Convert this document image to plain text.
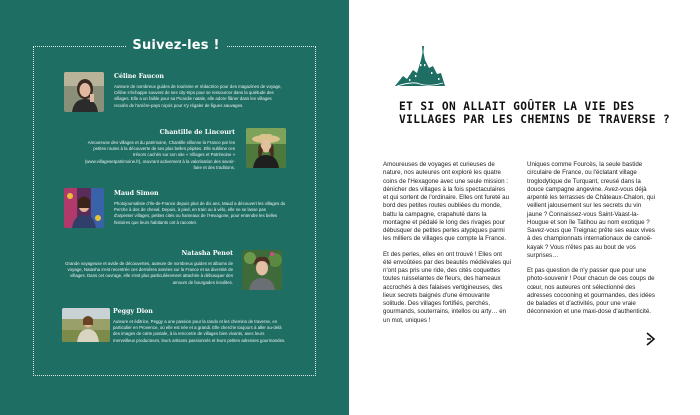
Suivez-les !
Céline Faucon
Auteure de nombreux guides de tourisme et rédactrice pour des magazines de voyage, Céline s'échappe souvent de ses city-trips pour se ressourcer dans la quiétude des villages. Elle a un faible pour sa Picardie natale, elle adore flâner dans les villages reculés de l'arrière-pays niçois pour s'y régaler de figues sauvages.
Chantille de Lincourt
Amoureuse des villages et du patrimoine, Chantille sillonne la France par les petites routes à la découverte de ses plus belles pépites. Elle sublime ces trésors cachés sur son site « Villages et Patrimoine » (www.villagesetpatrimoine.fr), œuvrant activement à la valorisation des savoir-faire et des traditions.
Maud Simon
Photojournaliste d'Ile-de-France depuis plus de dix ans, Maud a découvert les villages du Perche à dos de cheval. Depuis, à pied, en train ou à vélo, elle ne se lasse pas d'arpenter villages, petites cités ou hameaux de l'Hexagone, pour entendre les belles histoires que leurs habitants ont à raconter.
Natasha Penot
Grande voyageuse et avide de découvertes, auteure de nombreux guides et albums de voyage, Natasha s'est recentrée ces dernières années sur la France et sa diversité de villages. Dans cet ouvrage, elle s'est plus particulièrement attachée à débusquer des amours de bourgades insolites.
Peggy Dion
Auteure et éditrice, Peggy a une passion pour la rando et les chemins de traverse, en particulier en Provence, où elle est née et a grandi. Elle cherche toujours à aller au-delà des images de carte postale, à la rencontre de villages bien vivants, avec leurs merveilleux producteurs, leurs artisans passionnés et leurs petites adresses gourmandes.
ET SI ON ALLAIT GOÛTER LA VIE DES VILLAGES PAR LES CHEMINS DE TRAVERSE ?

Amoureuses de voyages et curieuses de nature, nos auteures ont exploré les quatre coins de l'Hexagone avec une seule mission : dénicher des villages à la fois spectaculaires et qui sortent de l'ordinaire. Elles ont fureté au bord des petites routes oubliées du monde, battu la campagne, crapahuté dans la montagne et pédalé le long des rivages pour débusquer de petites perles atypiques parmi les milliers de villages que compte la France.

Et des perles, elles en ont trouvé ! Elles ont été envoûtées par des beautés médiévales qui n'ont pas pris une ride, des cités coquettes toutes ruisselantes de fleurs, des hameaux accrochés à des falaises vertigineuses, des lieux secrets baignés d'une émouvante solitude. Des villages fortifiés, perchés, gourmands, souterrains, intellos ou arty… en un mot, uniques !

Uniques comme Fourcès, la seule bastide circulaire de France, ou l'éclatant village troglodytique de Turquant, creusé dans la douce campagne angevine. Avez-vous déjà arpenté les terrasses de Châteaux-Chalon, qui veillent jalousement sur les secrets du vin jaune ? Connaissez-vous Saint-Vaast-la-Hougue et son île Tatihou au nom exotique ? Savez-vous que Treignac prête ses eaux vives à des championnats internationaux de canoë-kayak ? Vous n'êtes pas au bout de vos surprises…

Et pas question de n'y passer que pour une photo-souvenir ! Pour chacun de ces coups de cœur, nos auteures ont sélectionné des adresses cocooning et gourmandes, des idées de balades et d'activités, pour une vraie déconnexion et une maxi-dose d'authenticité.
